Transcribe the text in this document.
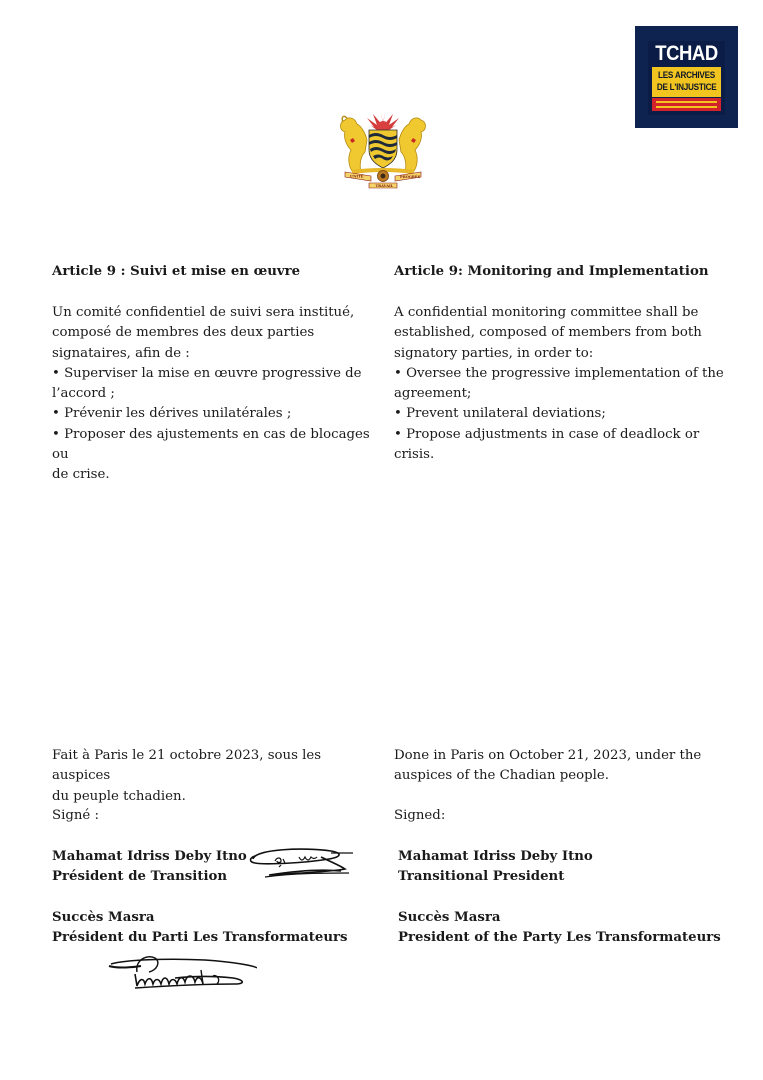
TCHAD
LES ARCHIVES
DE L'INJUSTICE
UNITÉ	PROGRÈS
TRAVAIL
Article 9 : Suivi et mise en œuvre

Un comité confidentiel de suivi sera institué,

composé de membres des deux parties

signataires, afin de :

• Superviser la mise en œuvre progressive de

l’accord ;

• Prévenir les dérives unilatérales ;

• Proposer des ajustements en cas de blocages ou

de crise.

Fait à Paris le 21 octobre 2023, sous les auspices

du peuple tchadien.

Signé :
Mahamat Idriss Deby Itno
Président de Transition
Succès Masra
Président du Parti Les Transformateurs
Article 9: Monitoring and Implementation

A confidential monitoring committee shall be

established, composed of members from both

signatory parties, in order to:

• Oversee the progressive implementation of the

agreement;

• Prevent unilateral deviations;

• Propose adjustments in case of deadlock or

crisis.

Done in Paris on October 21, 2023, under the

auspices of the Chadian people.

Signed:
Mahamat Idriss Deby Itno
Transitional President
Succès Masra
President of the Party Les Transformateurs
